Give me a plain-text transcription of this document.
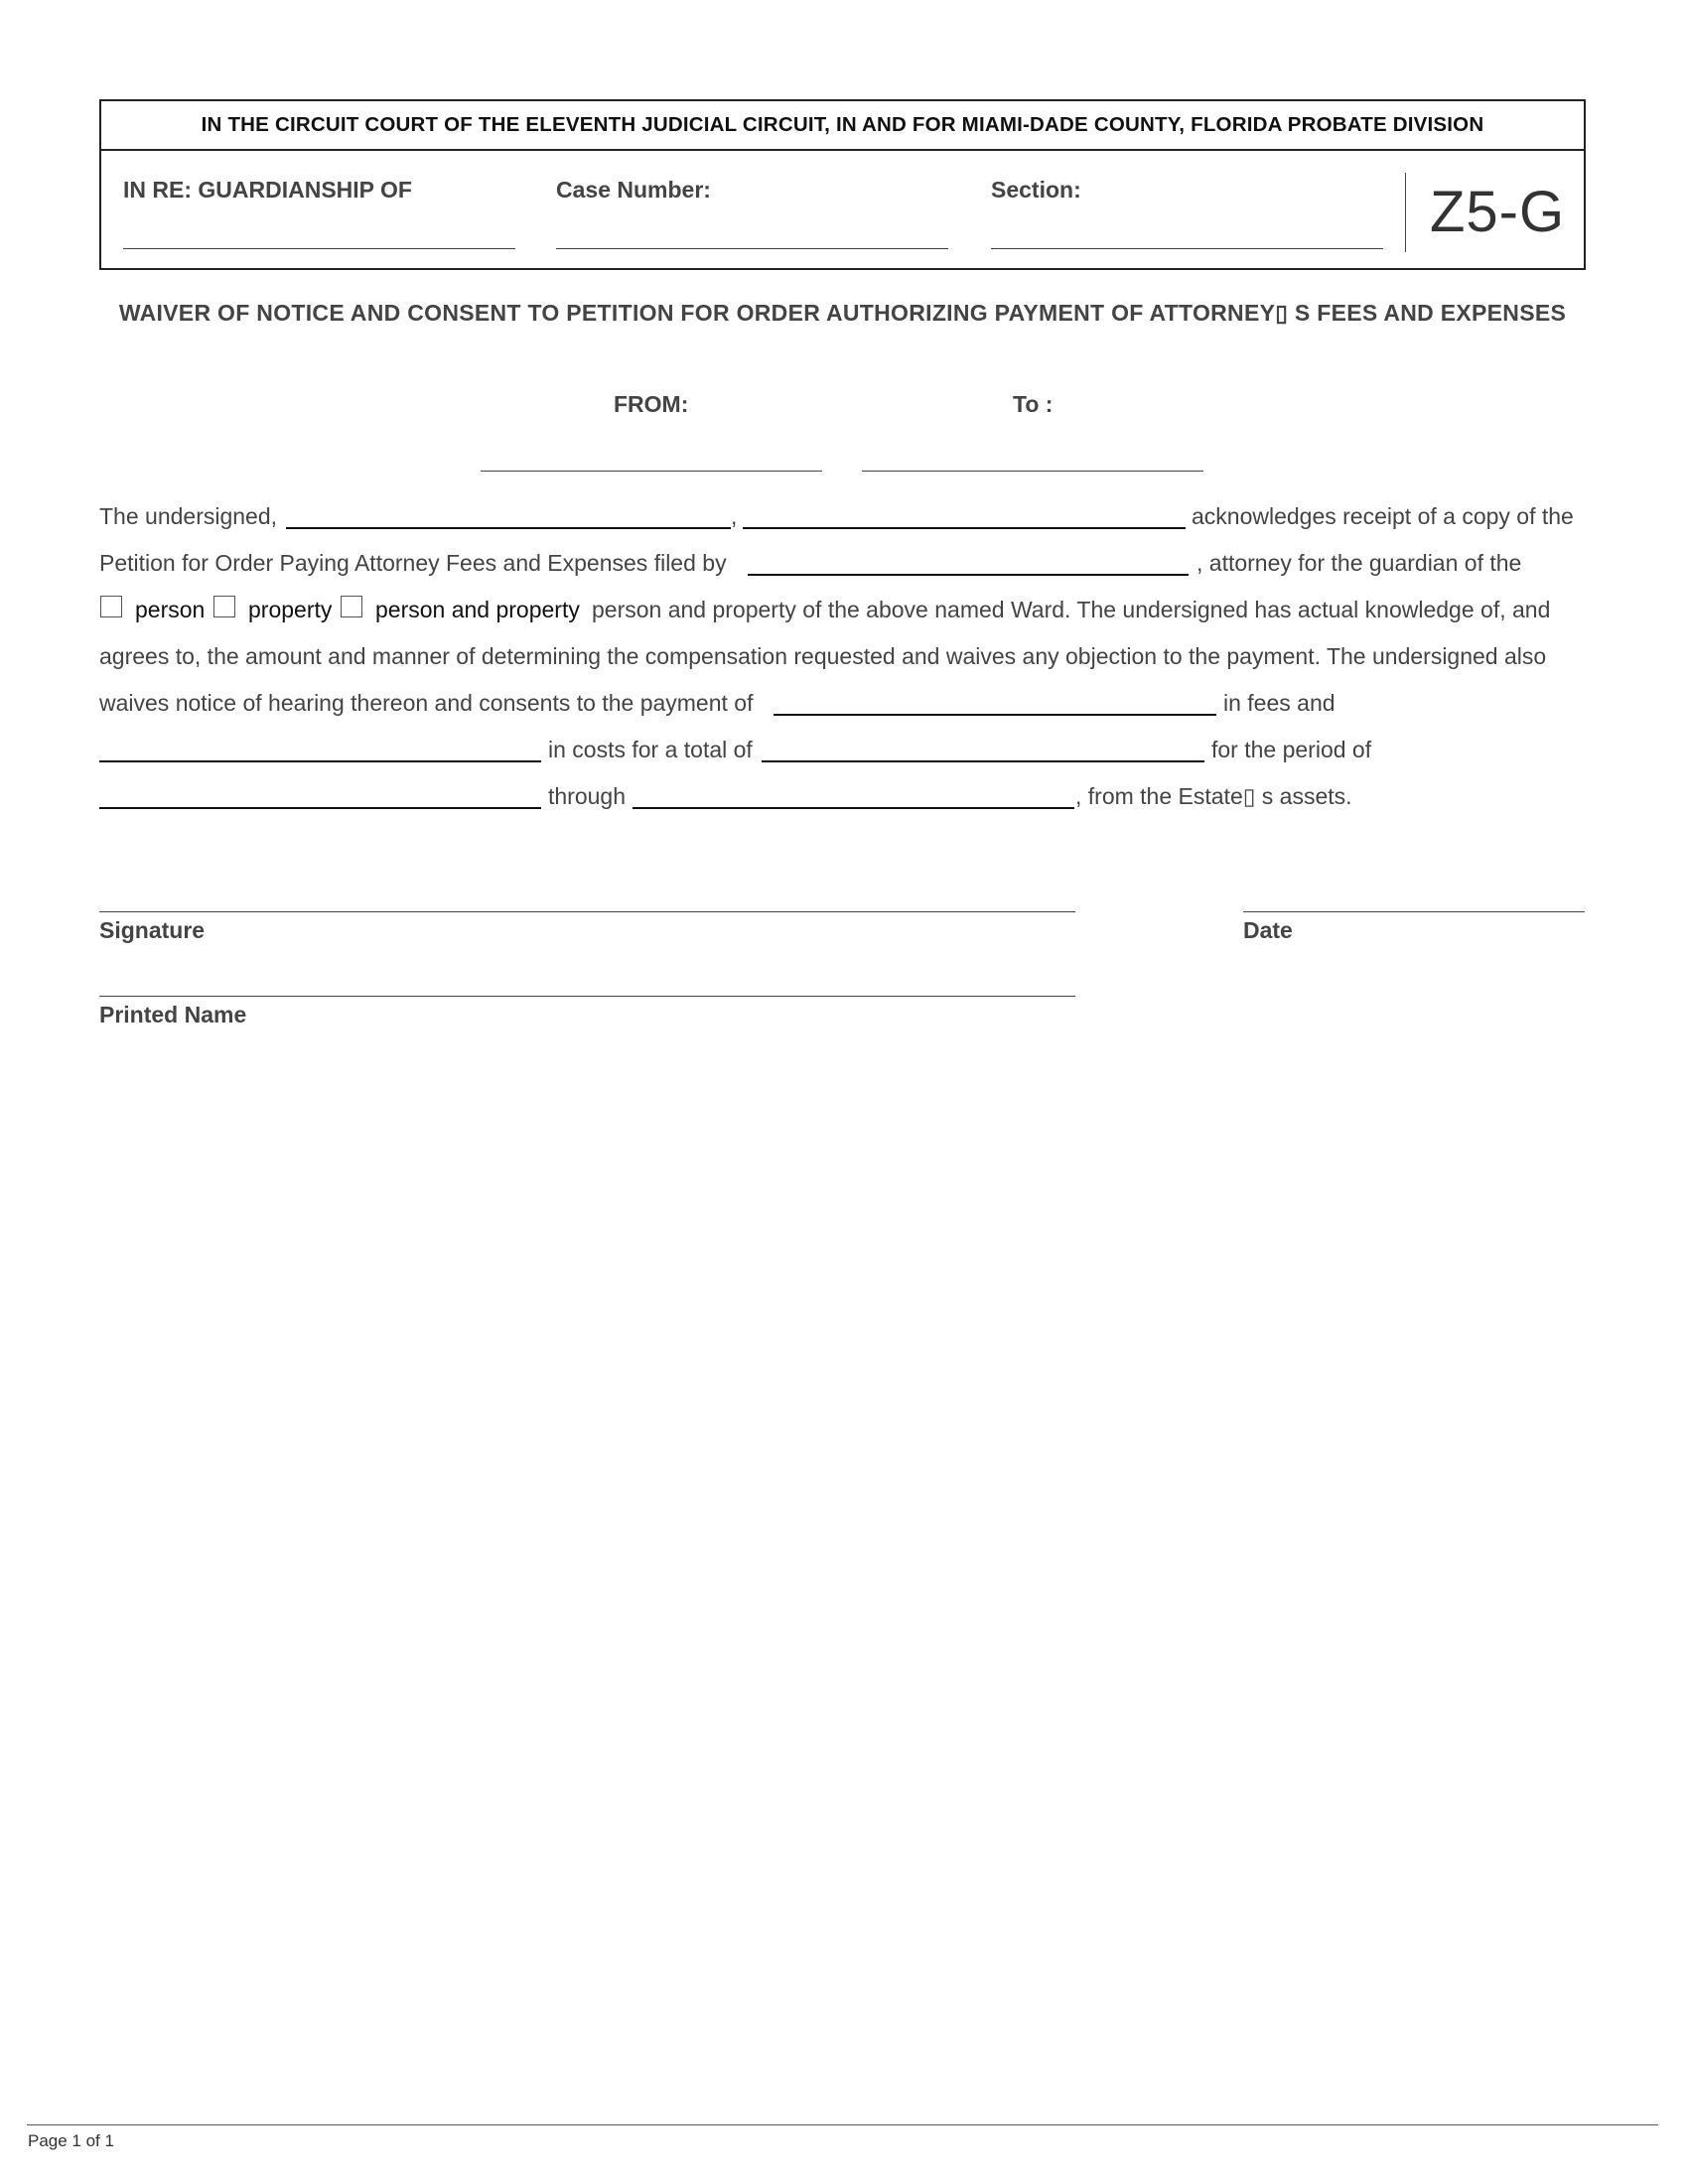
IN THE CIRCUIT COURT OF THE ELEVENTH JUDICIAL CIRCUIT, IN AND FOR MIAMI-DADE COUNTY, FLORIDA PROBATE DIVISION
IN RE: GUARDIANSHIP OF	Case Number:	Section:	Z5-G
WAIVER OF NOTICE AND CONSENT TO PETITION FOR ORDER AUTHORIZING PAYMENT OF ATTORNEY▯ S FEES AND EXPENSES
FROM:	To :
The undersigned,	,	acknowledges receipt of a copy of the
Petition for Order Paying Attorney Fees and Expenses filed by	, attorney for the guardian of the
person property person and property person and property of the above named Ward. The undersigned has actual knowledge of, and
agrees to, the amount and manner of determining the compensation requested and waives any objection to the payment. The undersigned also
waives notice of hearing thereon and consents to the payment of	in fees and
in costs for a total of	for the period of
through	, from the Estate▯ s assets.
Signature	Date
Printed Name
Page 1 of 1
